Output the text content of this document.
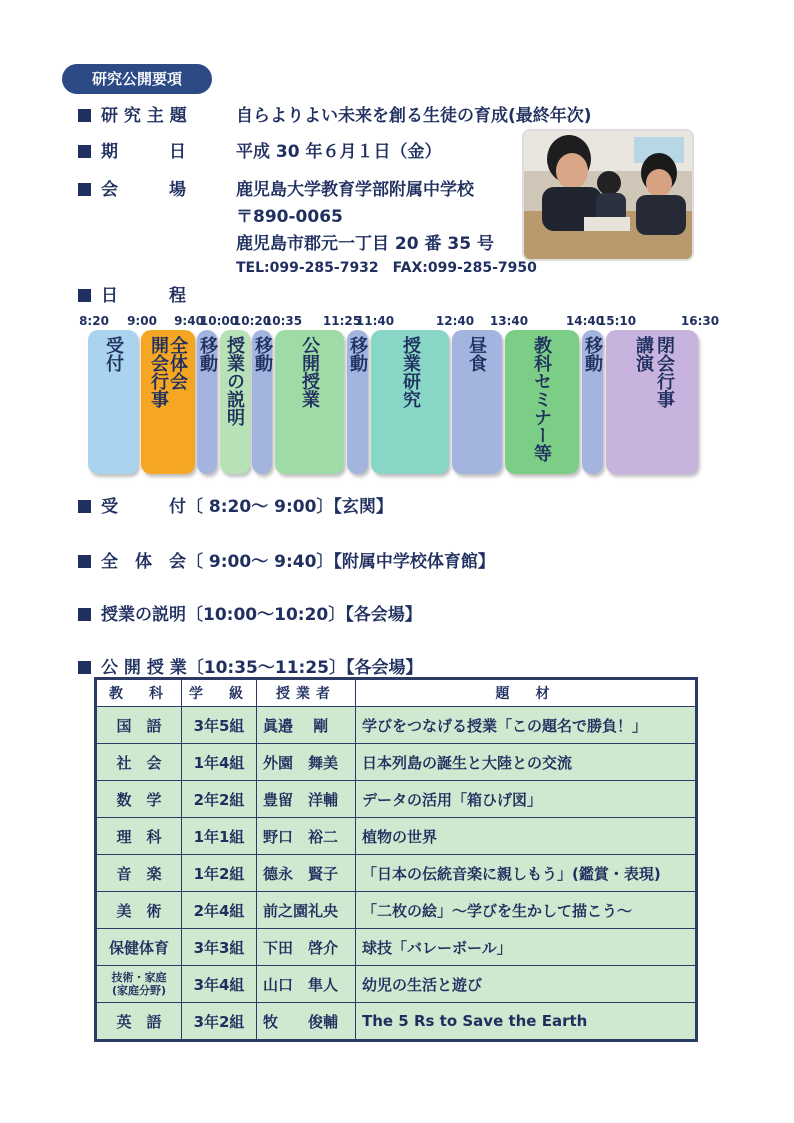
研究公開要項
研 究 主 題	自らよりよい未来を創る生徒の育成(最終年次)
期　　　日	平成 30 年６月１日（金）
会　　　場	鹿児島大学教育学部附属中学校
〒890-0065
鹿児島市郡元一丁目 20 番 35 号
TEL:099-285-7932　FAX:099-285-7950
日　　　程
8:20 9:00 9:40
10:00
10:20
10:35 11:25
11:40	12:40 13:40	14:40
15:10	16:30
受付 全体会
開会行事 移動 授業の説明 移動 公開授業 移動 授業研究	昼食 教科セミナー等 移動	閉会行事
講演
受　　　付〔 8:20～ 9:00〕【玄関】
全　体　会〔 9:00～ 9:40〕【附属中学校体育館】
授業の説明〔10:00～10:20〕【各会場】
公 開 授 業〔10:35～11:25〕【各会場】
教　科	学　級	授業者	題　材
国　語	3年5組	眞邉　 剛	学びをつなげる授業「この題名で勝負！」
社　会	1年4組	外園　舞美	日本列島の誕生と大陸との交流
数　学	2年2組	豊留　洋輔	データの活用「箱ひげ図」
理　科	1年1組	野口　裕二	植物の世界
音　楽	1年2組	德永　賢子	「日本の伝統音楽に親しもう」(鑑賞・表現)
美　術	2年4組	前之園礼央	「二枚の絵」～学びを生かして描こう～
保健体育	3年3組	下田　啓介	球技「バレーボール」
技術・家庭
(家庭分野)	3年4組	山口　隼人	幼児の生活と遊び
英　語	3年2組	牧　　俊輔	The 5 Rs to Save the Earth
